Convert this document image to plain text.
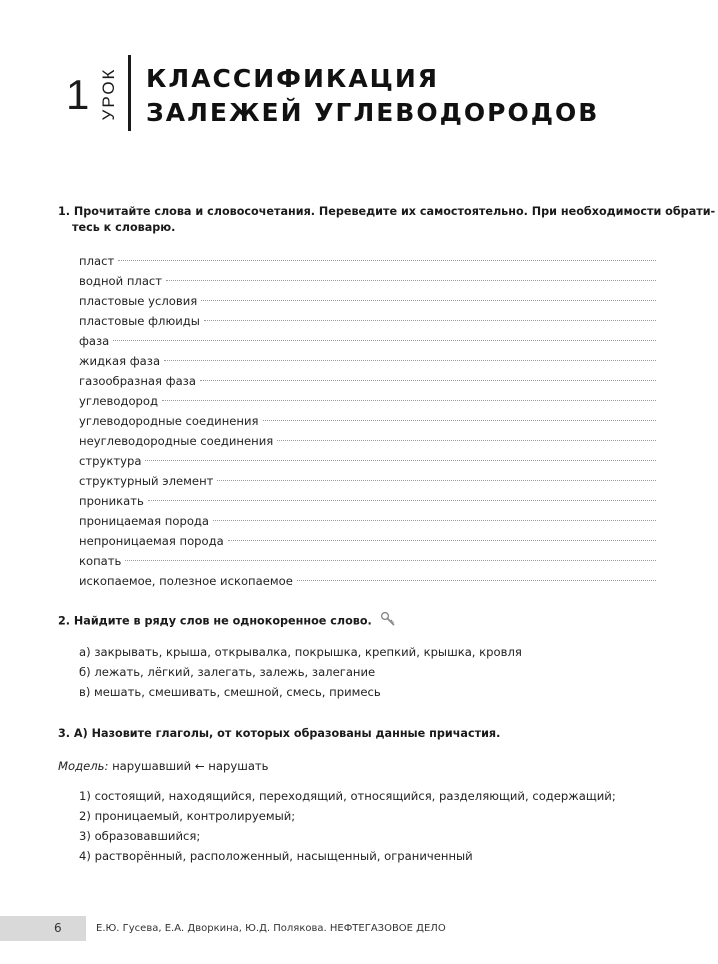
1 УРОК КЛАССИФИКАЦИЯ
ЗАЛЕЖЕЙ УГЛЕВОДОРОДОВ
1. Прочитайте слова и словосочетания. Переведите их самостоятельно. При необходимости обрати-
тесь к словарю.
пласт
водной пласт
пластовые условия
пластовые флюиды
фаза
жидкая фаза
газообразная фаза
углеводород
углеводородные соединения
неуглеводородные соединения
структура
структурный элемент
проникать
проницаемая порода
непроницаемая порода
копать
ископаемое, полезное ископаемое
2. Найдите в ряду слов не однокоренное слово.
а) закрывать, крыша, открывалка, покрышка, крепкий, крышка, кровля
б) лежать, лёгкий, залегать, залежь, залегание
в) мешать, смешивать, смешной, смесь, примесь
3. А) Назовите глаголы, от которых образованы данные причастия.
Модель: нарушавший ← нарушать
1) состоящий, находящийся, переходящий, относящийся, разделяющий, содержащий;
2) проницаемый, контролируемый;
3) образовавшийся;
4) растворённый, расположенный, насыщенный, ограниченный
6	Е.Ю. Гусева, Е.А. Дворкина, Ю.Д. Полякова. НЕФТЕГАЗОВОЕ ДЕЛО
